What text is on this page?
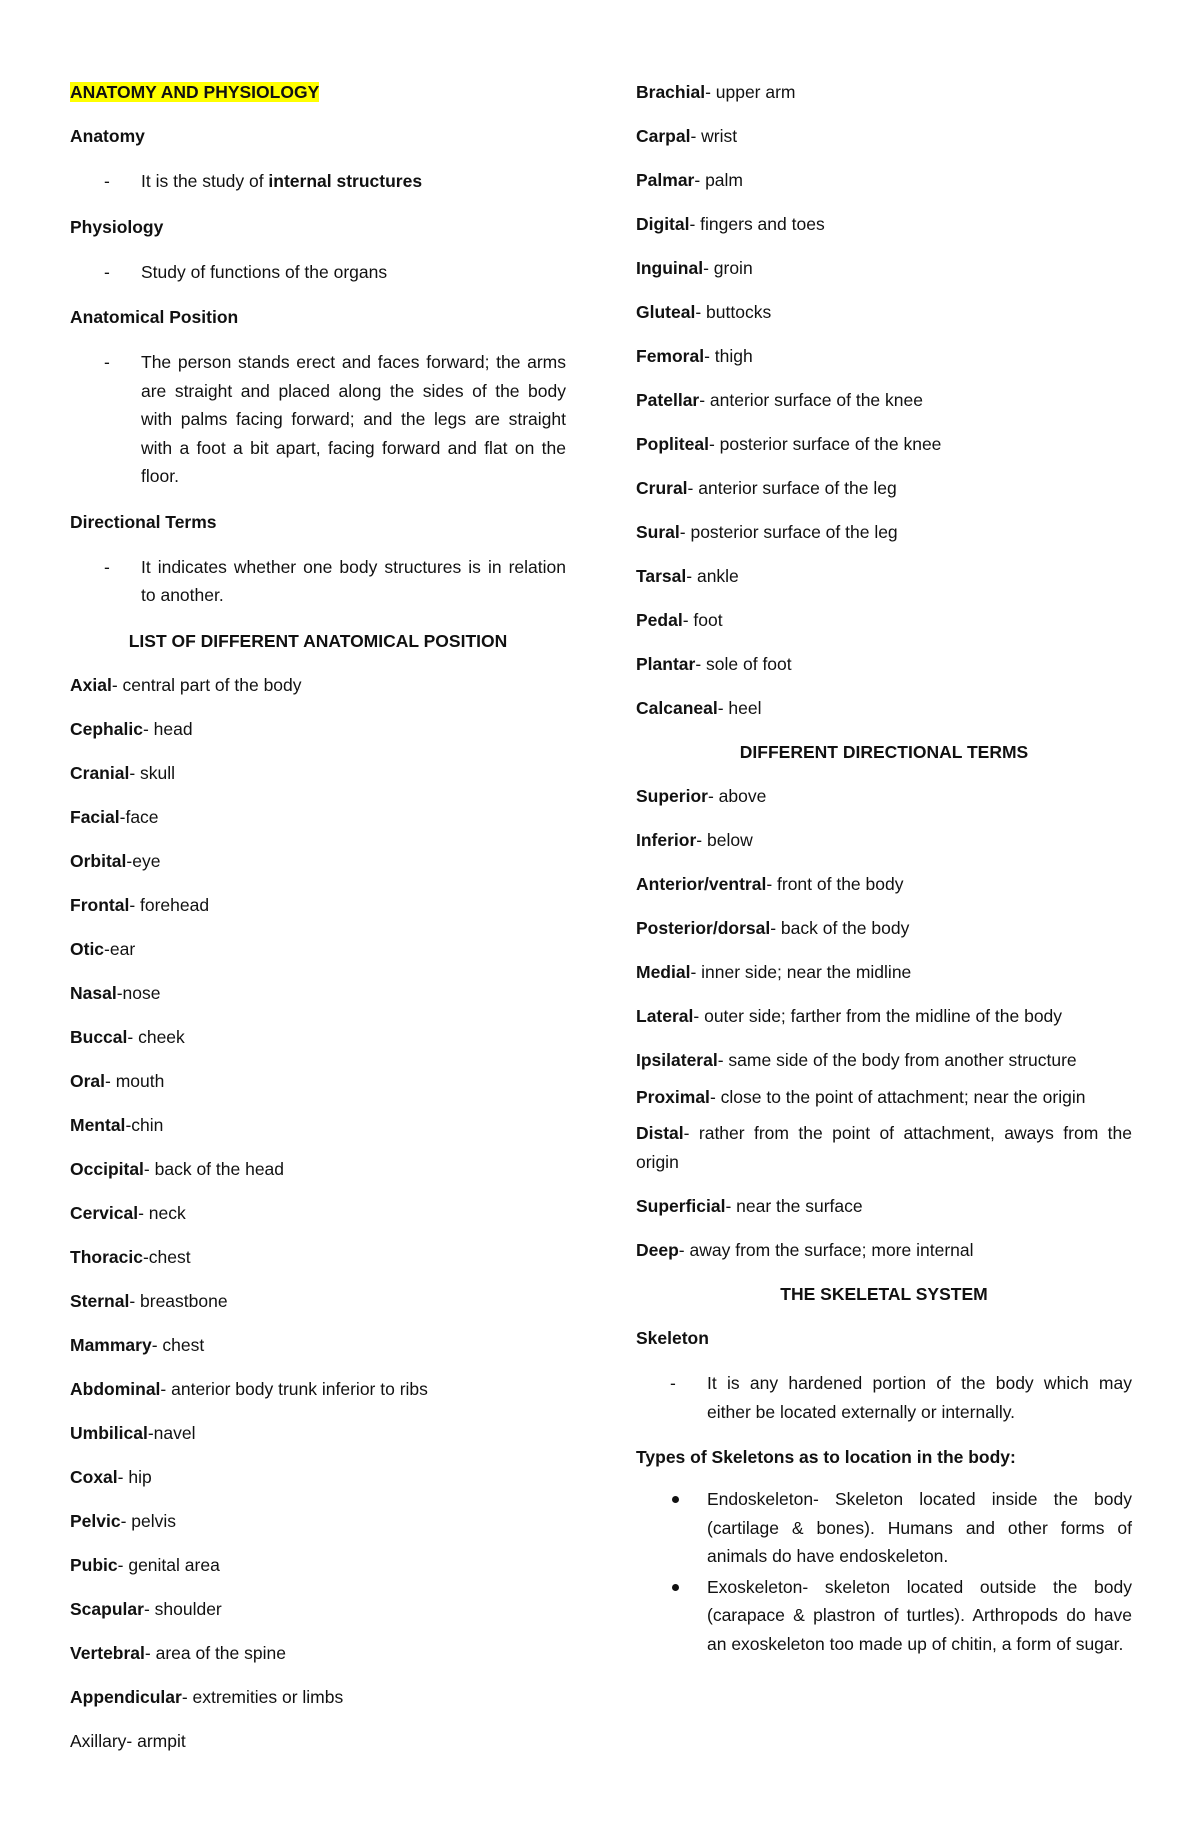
ANATOMY AND PHYSIOLOGY
Anatomy
- It is the study of internal structures
Physiology
- Study of functions of the organs
Anatomical Position
- The person stands erect and faces forward; the arms are straight and placed along the sides of the body with palms facing forward; and the legs are straight with a foot a bit apart, facing forward and flat on the floor.
Directional Terms
- It indicates whether one body structures is in relation to another.
LIST OF DIFFERENT ANATOMICAL POSITION
Axial- central part of the body
Cephalic- head
Cranial- skull
Facial-face
Orbital-eye
Frontal- forehead
Otic-ear
Nasal-nose
Buccal- cheek
Oral- mouth
Mental-chin
Occipital- back of the head
Cervical- neck
Thoracic-chest
Sternal- breastbone
Mammary- chest
Abdominal- anterior body trunk inferior to ribs
Umbilical-navel
Coxal- hip
Pelvic- pelvis
Pubic- genital area
Scapular- shoulder
Vertebral- area of the spine
Appendicular- extremities or limbs
Axillary- armpit
Brachial- upper arm
Carpal- wrist
Palmar- palm
Digital- fingers and toes
Inguinal- groin
Gluteal- buttocks
Femoral- thigh
Patellar- anterior surface of the knee
Popliteal- posterior surface of the knee
Crural- anterior surface of the leg
Sural- posterior surface of the leg
Tarsal- ankle
Pedal- foot
Plantar- sole of foot
Calcaneal- heel
DIFFERENT DIRECTIONAL TERMS
Superior- above
Inferior- below
Anterior/ventral- front of the body
Posterior/dorsal- back of the body
Medial- inner side; near the midline
Lateral- outer side; farther from the midline of the body
Ipsilateral- same side of the body from another structure
Proximal- close to the point of attachment; near the origin
Distal- rather from the point of attachment, aways from the origin
Superficial- near the surface
Deep- away from the surface; more internal
THE SKELETAL SYSTEM
Skeleton
- It is any hardened portion of the body which may either be located externally or internally.
Types of Skeletons as to location in the body:
Endoskeleton- Skeleton located inside the body (cartilage & bones). Humans and other forms of animals do have endoskeleton.
Exoskeleton- skeleton located outside the body (carapace & plastron of turtles). Arthropods do have an exoskeleton too made up of chitin, a form of sugar.
